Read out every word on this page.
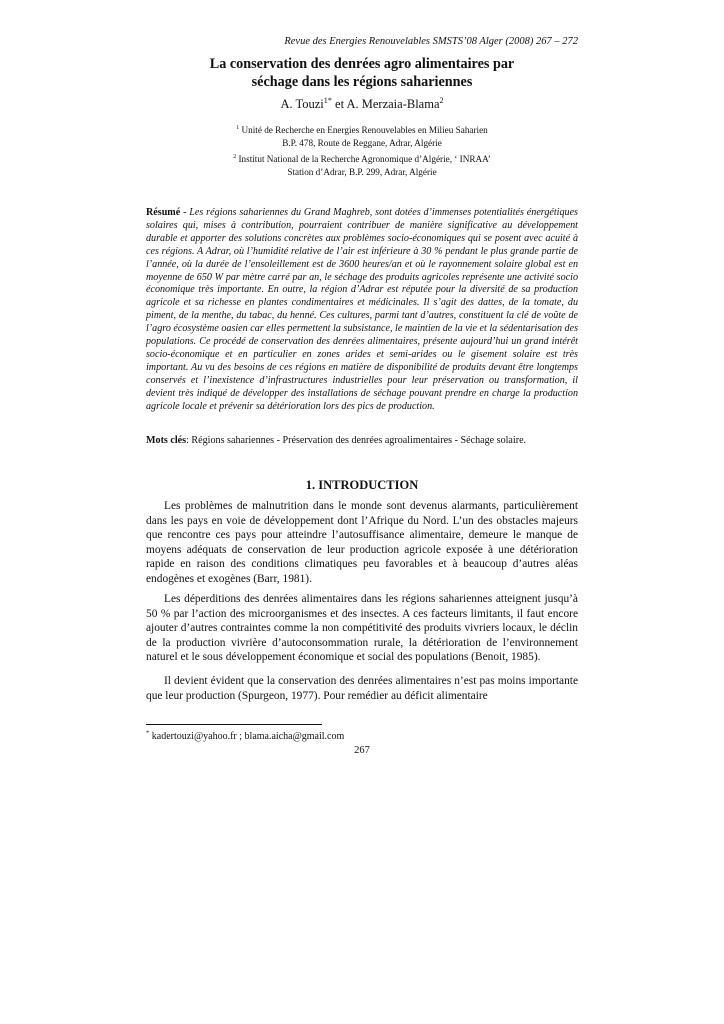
Revue des Energies Renouvelables SMSTS’08 Alger (2008) 267 – 272
La conservation des denrées agro alimentaires par
séchage dans les régions sahariennes
A. Touzi$^{1*}$ et A. Merzaia-Blama$^2$
$^1$ Unité de Recherche en Energies Renouvelables en Milieu Saharien
B.P. 478, Route de Reggane, Adrar, Algérie
$^2$ Institut National de la Recherche Agronomique d’Algérie, ‘ INRAA’
Station d’Adrar, B.P. 299, Adrar, Algérie
Résumé - Les régions sahariennes du Grand Maghreb, sont dotées d’immenses potentialités énergétiques solaires qui, mises à contribution, pourraient contribuer de manière significative au développement durable et apporter des solutions concrètes aux problèmes socio-économiques qui se posent avec acuité à ces régions. A Adrar, où l’humidité relative de l’air est inférieure à 30 % pendant le plus grande partie de l’année, où la durée de l’ensoleillement est de 3600 heures/an et où le rayonnement solaire global est en moyenne de 650 W par mètre carré par an, le séchage des produits agricoles représente une activité socio économique très importante. En outre, la région d’Adrar est réputée pour la diversité de sa production agricole et sa richesse en plantes condimentaires et médicinales. Il s’agit des dattes, de la tomate, du piment, de la menthe, du tabac, du henné. Ces cultures, parmi tant d’autres, constituent la clé de voûte de l’agro écosystème oasien car elles permettent la subsistance, le maintien de la vie et la sédentarisation des populations. Ce procédé de conservation des denrées alimentaires, présente aujourd’hui un grand intérêt socio-économique et en particulier en zones arides et semi-arides ou le gisement solaire est très important. Au vu des besoins de ces régions en matière de disponibilité de produits devant être longtemps conservés et l’inexistence d’infrastructures industrielles pour leur préservation ou transformation, il devient très indiqué de développer des installations de séchage pouvant prendre en charge la production agricole locale et prévenir sa détérioration lors des pics de production.
Mots clés: Régions sahariennes - Préservation des denrées agroalimentaires - Séchage solaire.
1. INTRODUCTION

Les problèmes de malnutrition dans le monde sont devenus alarmants, particulièrement dans les pays en voie de développement dont l’Afrique du Nord. L’un des obstacles majeurs que rencontre ces pays pour atteindre l’autosuffisance alimentaire, demeure le manque de moyens adéquats de conservation de leur production agricole exposée à une détérioration rapide en raison des conditions climatiques peu favorables et à beaucoup d’autres aléas endogènes et exogènes (Barr, 1981).

Les déperditions des denrées alimentaires dans les régions sahariennes atteignent jusqu’à 50 % par l’action des microorganismes et des insectes. A ces facteurs limitants, il faut encore ajouter d’autres contraintes comme la non compétitivité des produits vivriers locaux, le déclin de la production vivrière d’autoconsommation rurale, la détérioration de l’environnement naturel et le sous développement économique et social des populations (Benoit, 1985).

Il devient évident que la conservation des denrées alimentaires n’est pas moins importante que leur production (Spurgeon, 1977). Pour remédier au déficit alimentaire

* kadertouzi@yahoo.fr ; blama.aicha@gmail.com
267
